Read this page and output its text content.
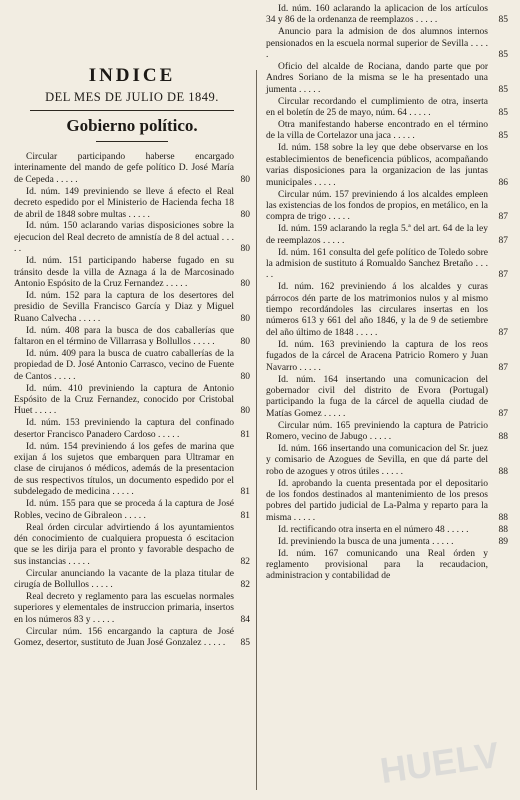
INDICE
DEL MES DE JULIO DE 1849.
Gobierno político.

Circular participando haberse encargado interinamente del mando de gefe político D. José María de Cepeda . . . . .	80

Id. núm. 149 previniendo se lleve á efecto el Real decreto espedido por el Ministerio de Hacienda fecha 18 de abril de 1848 sobre multas . . . . .	80

Id. núm. 150 aclarando varias disposiciones sobre la ejecucion del Real decreto de amnistía de 8 del actual . . . . .	80

Id. núm. 151 participando haberse fugado en su tránsito desde la villa de Aznaga á la de Marcosinado Antonio Espósito de la Cruz Fernandez . . . . .	80

Id. núm. 152 para la captura de los desertores del presidio de Sevilla Francisco García y Diaz y Miguel Ruano Calvecha . . . . .	80

Id. núm. 408 para la busca de dos caballerías que faltaron en el término de Villarrasa y Bollullos . . . . .	80

Id. núm. 409 para la busca de cuatro caballerías de la propiedad de D. José Antonio Carrasco, vecino de Fuente de Cantos . . . . .	80

Id. núm. 410 previniendo la captura de Antonio Espósito de la Cruz Fernandez, conocido por Cristobal Huet . . . . .	80

Id. núm. 153 previniendo la captura del confinado desertor Francisco Panadero Cardoso . . . . .	81

Id. núm. 154 previniendo á los gefes de marina que exijan á los sujetos que embarquen para Ultramar en clase de cirujanos ó médicos, además de la presentacion de sus respectivos títulos, un documento espedido por el subdelegado de medicina . . . . .	81

Id. núm. 155 para que se proceda á la captura de José Robles, vecino de Gibraleon . . . . .	81

Real órden circular advirtiendo á los ayuntamientos dén conocimiento de cualquiera propuesta ó escitacion que se les dirija para el pronto y favorable despacho de sus instancias . . . . .	82

Circular anunciando la vacante de la plaza titular de cirugía de Bollullos . . . . .	82

Real decreto y reglamento para las escuelas normales superiores y elementales de instruccion primaria, insertos en los números 83 y . . . . .	84

Circular núm. 156 encargando la captura de José Gomez, desertor, sustituto de Juan José Gonzalez . . . . .	85

Id. núm. 160 aclarando la aplicacion de los artículos 34 y 86 de la ordenanza de reemplazos . . . . .	85

Anuncio para la admision de dos alumnos internos pensionados en la escuela normal superior de Sevilla . . . . .	85

Oficio del alcalde de Rociana, dando parte que por Andres Soriano de la misma se le ha presentado una jumenta . . . . .	85

Circular recordando el cumplimiento de otra, inserta en el boletín de 25 de mayo, núm. 64 . . . . .	85

Otra manifestando haberse encontrado en el término de la villa de Cortelazor una jaca . . . . .	85

Id. núm. 158 sobre la ley que debe observarse en los establecimientos de beneficencia públicos, acompañando varias disposiciones para la organizacion de las juntas municipales . . . . .	86

Circular núm. 157 previniendo á los alcaldes empleen las existencias de los fondos de propios, en metálico, en la compra de trigo . . . . .	87

Id. núm. 159 aclarando la regla 5.ª del art. 64 de la ley de reemplazos . . . . .	87

Id. núm. 161 consulta del gefe político de Toledo sobre la admision de sustituto á Romualdo Sanchez Bretaño . . . . .	87

Id. núm. 162 previniendo á los alcaldes y curas párrocos dén parte de los matrimonios nulos y al mismo tiempo recordándoles las circulares insertas en los números 613 y 661 del año 1846, y la de 9 de setiembre del año último de 1848 . . . . .	87

Id. núm. 163 previniendo la captura de los reos fugados de la cárcel de Aracena Patricio Romero y Juan Navarro . . . . .	87

Id. núm. 164 insertando una comunicacion del gobernador civil del distrito de Evora (Portugal) participando la fuga de la cárcel de aquella ciudad de Matías Gomez . . . . .	87

Circular núm. 165 previniendo la captura de Patricio Romero, vecino de Jabugo . . . . .	88

Id. núm. 166 insertando una comunicacion del Sr. juez y comisario de Azogues de Sevilla, en que dá parte del robo de azogues y otros útiles . . . . .	88

Id. aprobando la cuenta presentada por el depositario de los fondos destinados al mantenimiento de los presos pobres del partido judicial de La-Palma y reparto para la misma . . . . .	88

Id. rectificando otra inserta en el número 48 . . . . .	88

Id. previniendo la busca de una jumenta . . . . .	89

Id. núm. 167 comunicando una Real órden y reglamento provisional para la recaudacion, administracion y contabilidad de

HUELV
